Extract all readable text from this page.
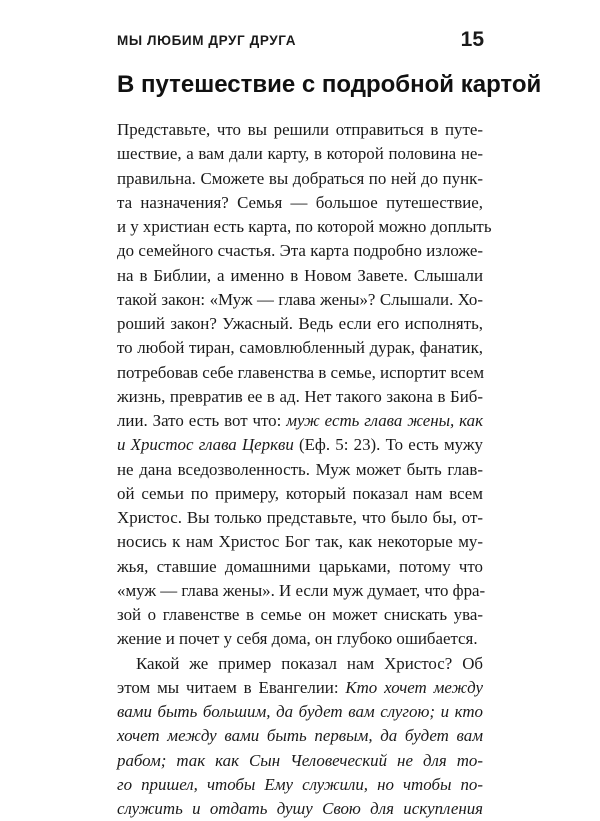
МЫ ЛЮБИМ ДРУГ ДРУГА	15
В путешествие с подробной картой
Представьте, что вы решили отправиться в путе-
шествие, а вам дали карту, в которой половина не-
правильна. Сможете вы добраться по ней до пунк-
та назначения? Семья — большое путешествие,
и у христиан есть карта, по которой можно доплыть
до семейного счастья. Эта карта подробно изложе-
на в Библии, а именно в Новом Завете. Слышали
такой закон: «Муж — глава жены»? Слышали. Хо-
роший закон? Ужасный. Ведь если его исполнять,
то любой тиран, самовлюбленный дурак, фанатик,
потребовав себе главенства в семье, испортит всем
жизнь, превратив ее в ад. Нет такого закона в Биб-
лии. Зато есть вот что: муж есть глава жены, как
и Христос глава Церкви (Еф. 5: 23). То есть мужу
не дана вседозволенность. Муж может быть глав-
ой семьи по примеру, который показал нам всем
Христос. Вы только представьте, что было бы, от-
носись к нам Христос Бог так, как некоторые му-
жья, ставшие домашними царьками, потому что
«муж — глава жены». И если муж думает, что фра-
зой о главенстве в семье он может снискать ува-
жение и почет у себя дома, он глубоко ошибается.
Какой же пример показал нам Христос? Об
этом мы читаем в Евангелии: Кто хочет между
вами быть большим, да будет вам слугою; и кто
хочет между вами быть первым, да будет вам
рабом; так как Сын Человеческий не для то-
го пришел, чтобы Ему служили, но чтобы по-
служить и отдать душу Свою для искупления
